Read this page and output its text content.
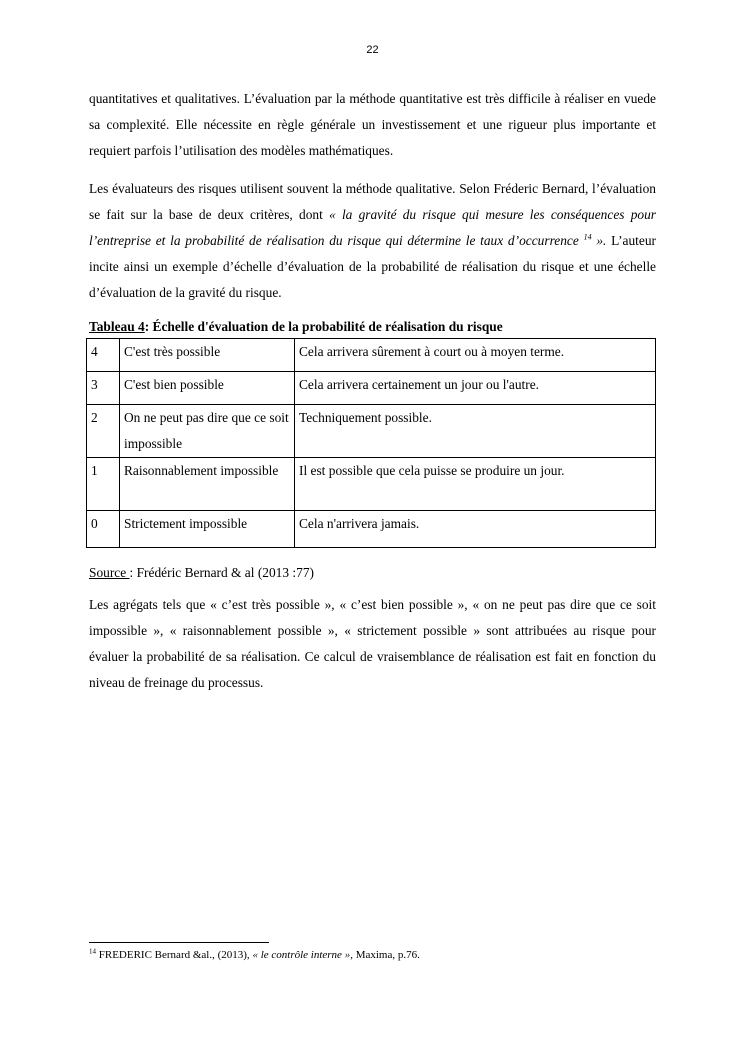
22

quantitatives et qualitatives. L’évaluation par la méthode quantitative est très difficile à réaliser en vuede sa complexité. Elle nécessite en règle générale un investissement et une rigueur plus importante et requiert parfois l’utilisation des modèles mathématiques.

Les évaluateurs des risques utilisent souvent la méthode qualitative. Selon Fréderic Bernard, l’évaluation se fait sur la base de deux critères, dont « la gravité du risque qui mesure les conséquences pour l’entreprise et la probabilité de réalisation du risque qui détermine le taux d’occurrence $^{14}$ ». L’auteur incite ainsi un exemple d’échelle d’évaluation de la probabilité de réalisation du risque et une échelle d’évaluation de la gravité du risque.

Tableau 4: Échelle d'évaluation de la probabilité de réalisation du risque

4	C'est très possible	Cela arrivera sûrement à court ou à moyen terme.
3	C'est bien possible	Cela arrivera certainement un jour ou l'autre.
2	On ne peut pas dire que ce soit impossible	Techniquement possible.
1	Raisonnablement impossible	Il est possible que cela puisse se produire un jour.
0	Strictement impossible	Cela n'arrivera jamais.

Source : Frédéric Bernard & al (2013 :77)

Les agrégats tels que « c’est très possible », « c’est bien possible », « on ne peut pas dire que ce soit impossible », « raisonnablement possible », « strictement possible » sont attribuées au risque pour évaluer la probabilité de sa réalisation. Ce calcul de vraisemblance de réalisation est fait en fonction du niveau de freinage du processus.

$^{14}$ FREDERIC Bernard &al., (2013), « le contrôle interne », Maxima, p.76.
